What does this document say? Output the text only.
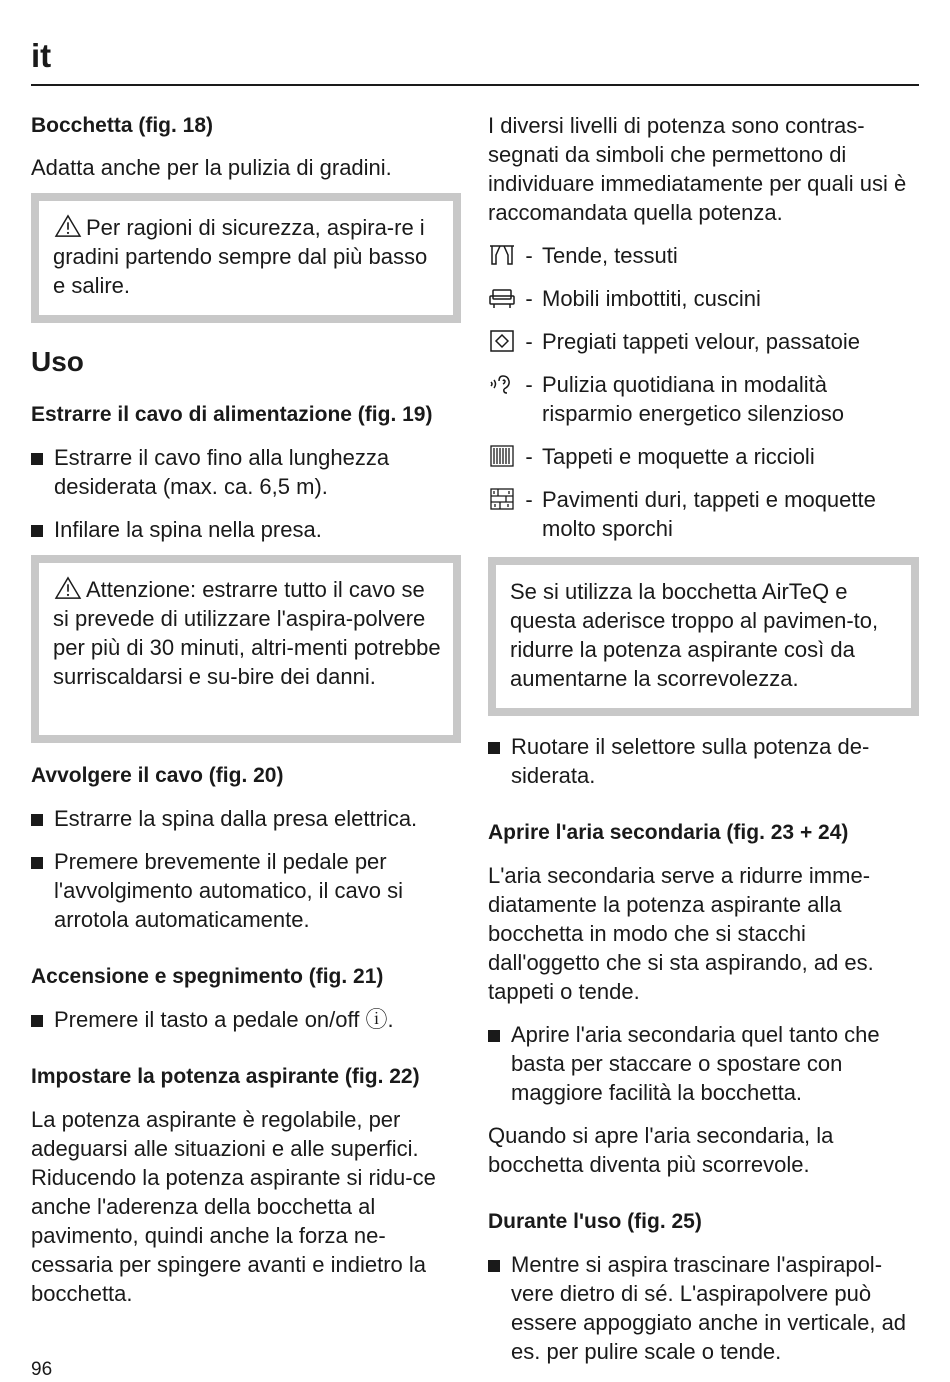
it
Bocchetta (fig. 18)

Adatta anche per la pulizia di gradini.

Per ragioni di sicurezza, aspira-re i gradini partendo sempre dal più basso e salire.
Uso
Estrarre il cavo di alimentazione (fig. 19)

Estrarre il cavo fino alla lunghezza desiderata (max. ca. 6,5 m).

Infilare la spina nella presa.

Attenzione: estrarre tutto il cavo se si prevede di utilizzare l'aspira-polvere per più di 30 minuti, altri-menti potrebbe surriscaldarsi e su-bire dei danni.
Avvolgere il cavo (fig. 20)

Estrarre la spina dalla presa elettrica.

Premere brevemente il pedale per l'avvolgimento automatico, il cavo si arrotola automaticamente.

Accensione e spegnimento (fig. 21)

Premere il tasto a pedale on/off ⓘ.

Impostare la potenza aspirante (fig. 22)

La potenza aspirante è regolabile, per adeguarsi alle situazioni e alle superfici. Riducendo la potenza aspirante si ridu-ce anche l'aderenza della bocchetta al pavimento, quindi anche la forza ne-cessaria per spingere avanti e indietro la bocchetta.

I diversi livelli di potenza sono contras-segnati da simboli che permettono di individuare immediatamente per quali usi è raccomandata quella potenza.

- Tende, tessuti
- Mobili imbottiti, cuscini
- Pregiati tappeti velour, passatoie
- Pulizia quotidiana in modalità risparmio energetico silenzioso
- Tappeti e moquette a riccioli
- Pavimenti duri, tappeti e moquette molto sporchi
Se si utilizza la bocchetta AirTeQ e questa aderisce troppo al pavimen-to, ridurre la potenza aspirante così da aumentarne la scorrevolezza.

Ruotare il selettore sulla potenza de-siderata.

Aprire l'aria secondaria (fig. 23 + 24)

L'aria secondaria serve a ridurre imme-diatamente la potenza aspirante alla bocchetta in modo che si stacchi dall'oggetto che si sta aspirando, ad es. tappeti o tende.

Aprire l'aria secondaria quel tanto che basta per staccare o spostare con maggiore facilità la bocchetta.

Quando si apre l'aria secondaria, la bocchetta diventa più scorrevole.

Durante l'uso (fig. 25)

Mentre si aspira trascinare l'aspirapol-vere dietro di sé. L'aspirapolvere può essere appoggiato anche in verticale, ad es. per pulire scale o tende.

96
